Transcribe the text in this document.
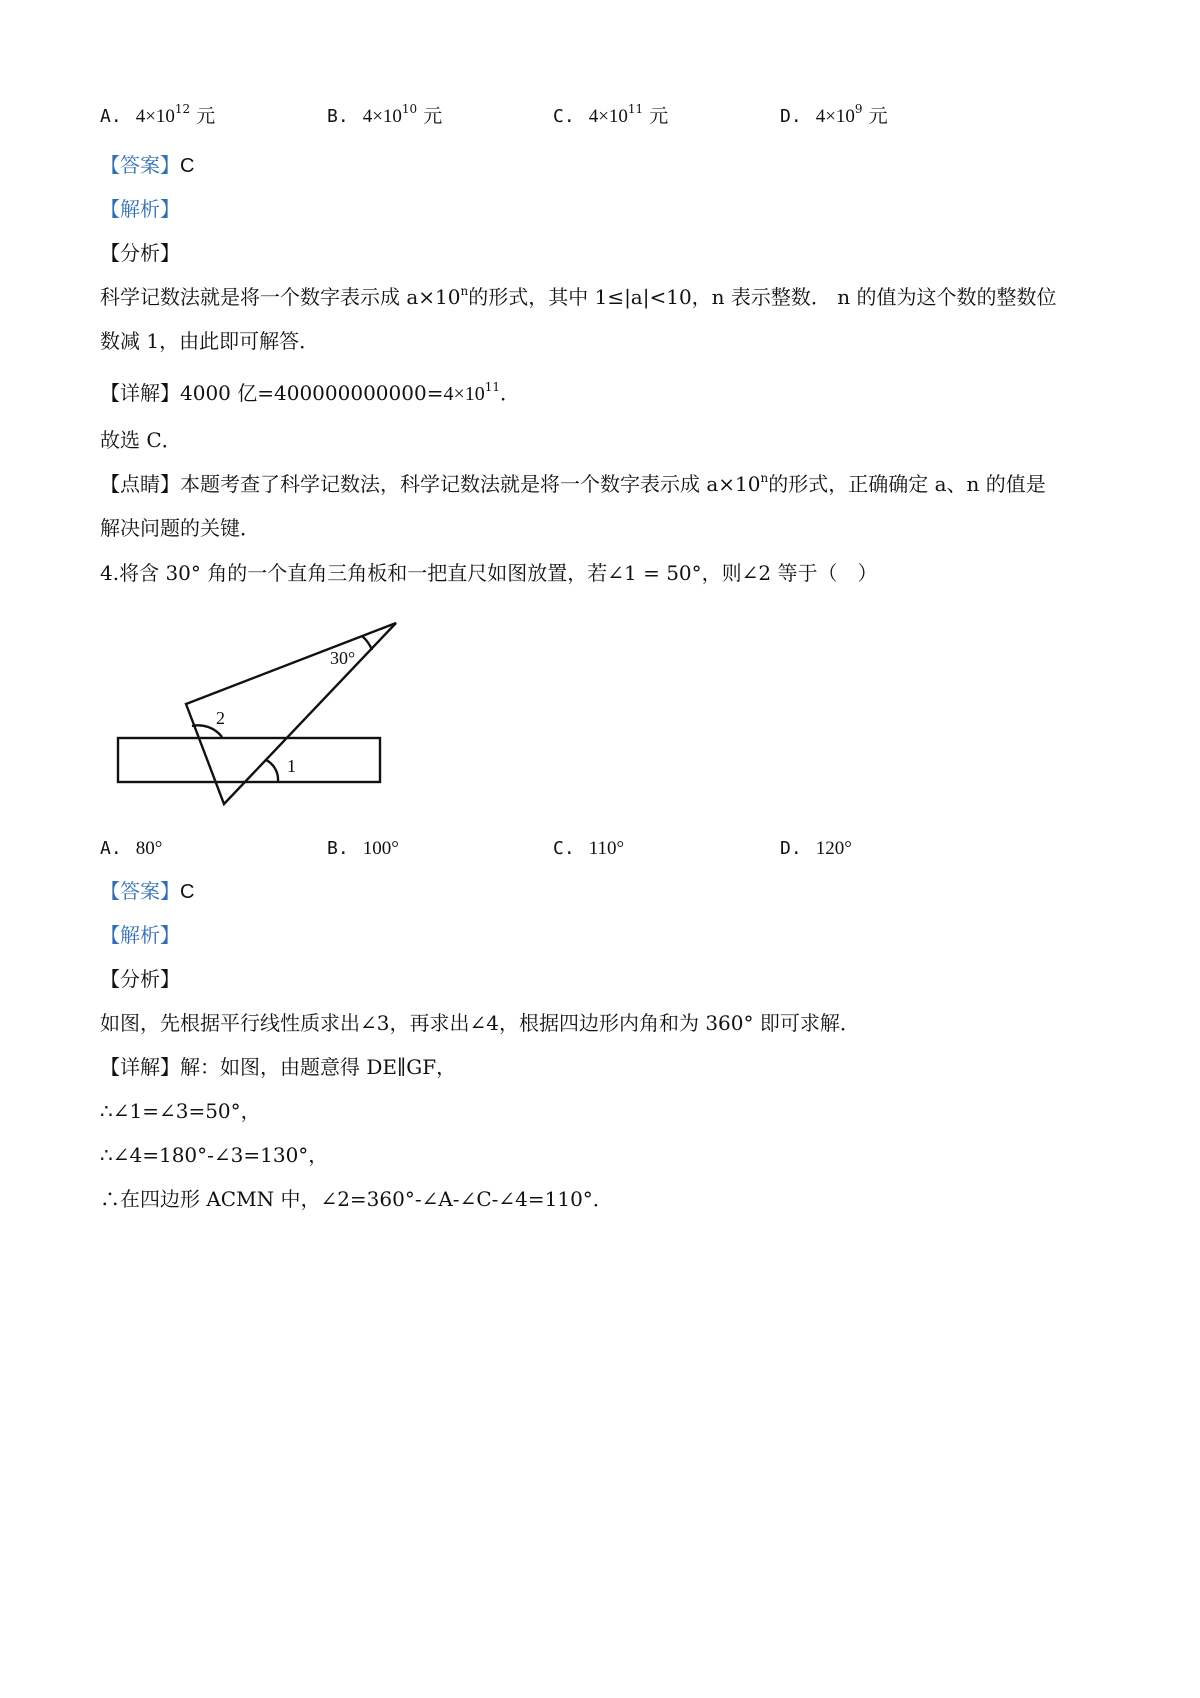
A. $4\times 10^{12}$ 元	B. $4\times 10^{10}$ 元	C. $4\times 10^{11}$ 元	D. $4\times 10^9$ 元
【答案】C
【解析】
【分析】
科学记数法就是将一个数字表示成 $a\times 10^n$的形式，其中 1≤|a|<10，n 表示整数． n 的值为这个数的整数位
数减 1，由此即可解答．
【详解】4000 亿$=400000000000=4\times 10^{11}$．
故选 C．
【点睛】本题考查了科学记数法，科学记数法就是将一个数字表示成 $a\times 10^n$的形式，正确确定 a、n 的值是
解决问题的关键．
4.将含 30° 角的一个直角三角板和一把直尺如图放置，若∠1 = 50°，则∠2 等于（　）
30°
2
1
A. 80°	B. 100°	C. 110°	D. 120°
【答案】C
【解析】
【分析】
如图，先根据平行线性质求出∠3，再求出∠4，根据四边形内角和为 360° 即可求解．
【详解】解：如图，由题意得 DE∥GF，
∴∠1=∠3=50°，
∴∠4=180°-∠3=130°，
∴在四边形 ACMN 中，∠2=360°-∠A-∠C-∠4=110°．
